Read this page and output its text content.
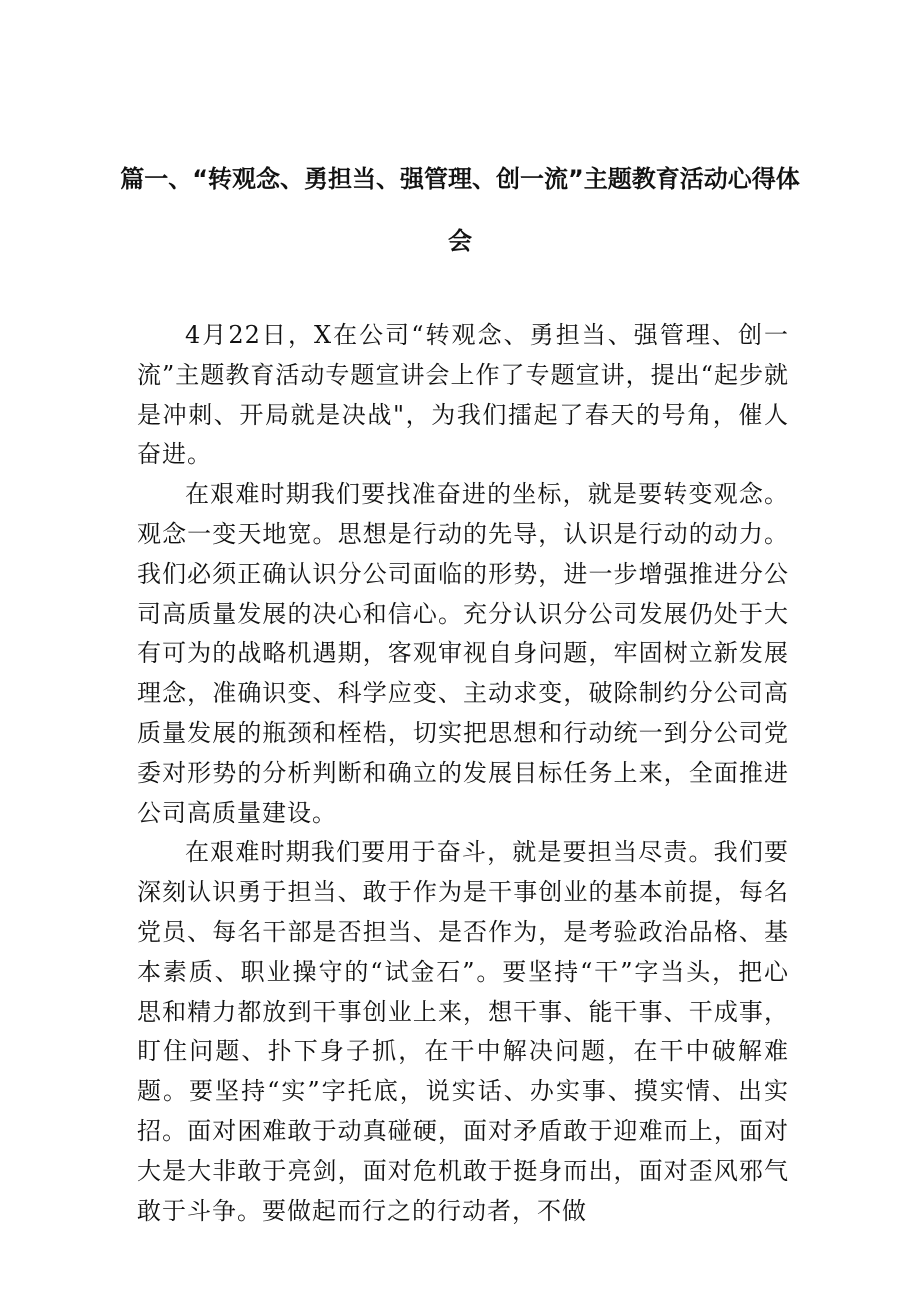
篇一、“转观念、勇担当、强管理、创一流”主题教育活动心得体会

4月22日，X在公司“转观念、勇担当、强管理、创一流”主题教育活动专题宣讲会上作了专题宣讲，提出“起步就是冲刺、开局就是决战"，为我们擂起了春天的号角，催人奋进。

在艰难时期我们要找准奋进的坐标，就是要转变观念。观念一变天地宽。思想是行动的先导，认识是行动的动力。我们必须正确认识分公司面临的形势，进一步增强推进分公司高质量发展的决心和信心。充分认识分公司发展仍处于大有可为的战略机遇期，客观审视自身问题，牢固树立新发展理念，准确识变、科学应变、主动求变，破除制约分公司高质量发展的瓶颈和桎梏，切实把思想和行动统一到分公司党委对形势的分析判断和确立的发展目标任务上来，全面推进公司高质量建设。

在艰难时期我们要用于奋斗，就是要担当尽责。我们要深刻认识勇于担当、敢于作为是干事创业的基本前提，每名党员、每名干部是否担当、是否作为，是考验政治品格、基本素质、职业操守的“试金石”。要坚持“干”字当头，把心思和精力都放到干事创业上来，想干事、能干事、干成事，盯住问题、扑下身子抓，在干中解决问题，在干中破解难题。要坚持“实”字托底，说实话、办实事、摸实情、出实招。面对困难敢于动真碰硬，面对矛盾敢于迎难而上，面对大是大非敢于亮剑，面对危机敢于挺身而出，面对歪风邪气敢于斗争。要做起而行之的行动者，不做
